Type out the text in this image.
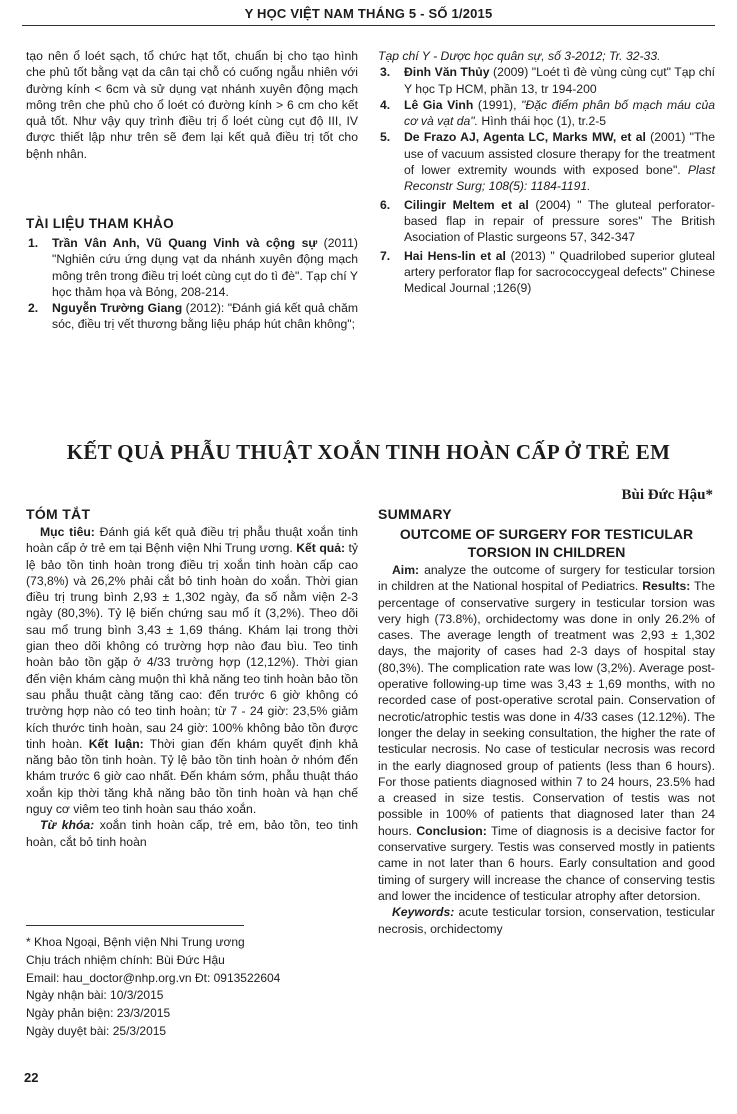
Y HỌC VIỆT NAM THÁNG 5 - SỐ 1/2015

tạo nên ổ loét sạch, tổ chức hạt tốt, chuẩn bị cho tạo hình che phủ tốt bằng vạt da cân tại chỗ có cuống ngẫu nhiên với đường kính < 6cm và sử dụng vạt nhánh xuyên động mạch mông trên che phủ cho ổ loét có đường kính > 6 cm cho kết quả tốt. Như vậy quy trình điều trị ổ loét cùng cụt độ III, IV được thiết lập như trên sẽ đem lại kết quả điều trị tốt cho bệnh nhân.

TÀI LIỆU THAM KHẢO
1. Trần Vân Anh, Vũ Quang Vinh và cộng sự (2011) "Nghiên cứu ứng dụng vạt da nhánh xuyên động mạch mông trên trong điều trị loét cùng cụt do tì đè". Tạp chí Y học thảm họa và Bỏng, 208-214.
2. Nguyễn Trường Giang (2012): "Đánh giá kết quả chăm sóc, điều trị vết thương bằng liệu pháp hút chân không";
Tạp chí Y - Dược học quân sự, số 3-2012; Tr. 32-33.
3. Đinh Văn Thủy (2009) "Loét tì đè vùng cùng cụt" Tạp chí Y học Tp HCM, phần 13, tr 194-200
4. Lê Gia Vinh (1991), "Đặc điểm phân bố mạch máu của cơ và vạt da". Hình thái học (1), tr.2-5
5. De Frazo AJ, Agenta LC, Marks MW, et al (2001) "The use of vacuum assisted closure therapy for the treatment of lower extremity wounds with exposed bone". Plast Reconstr Surg; 108(5): 1184-1191.
6. Cilingir Meltem et al (2004) " The gluteal perforator- based flap in repair of pressure sores" The British Asociation of Plastic surgeons 57, 342-347
7. Hai Hens-lin et al (2013) " Quadrilobed superior gluteal artery perforator flap for sacrococcygeal defects" Chinese Medical Journal ;126(9)
KẾT QUẢ PHẪU THUẬT XOẮN TINH HOÀN CẤP Ở TRẺ EM
Bùi Đức Hậu*
TÓM TẮT

Mục tiêu: Đánh giá kết quả điều trị phẫu thuật xoắn tinh hoàn cấp ở trẻ em tại Bệnh viện Nhi Trung ương. Kết quả: tỷ lệ bảo tồn tinh hoàn trong điều trị xoắn tinh hoàn cấp cao (73,8%) và 26,2% phải cắt bỏ tinh hoàn do xoắn. Thời gian điều trị trung bình 2,93 ± 1,302 ngày, đa số nằm viện 2-3 ngày (80,3%). Tỷ lệ biến chứng sau mổ ít (3,2%). Theo dõi sau mổ trung bình 3,43 ± 1,69 tháng. Khám lại trong thời gian theo dõi không có trường hợp nào đau bìu. Teo tinh hoàn bảo tồn gặp ở 4/33 trường hợp (12,12%). Thời gian đến viện khám càng muộn thì khả năng teo tinh hoàn bảo tồn sau phẫu thuật càng tăng cao: đến trước 6 giờ không có trường hợp nào có teo tinh hoàn; từ 7 - 24 giờ: 23,5% giảm kích thước tinh hoàn, sau 24 giờ: 100% không bảo tồn được tinh hoàn. Kết luận: Thời gian đến khám quyết định khả năng bảo tồn tinh hoàn. Tỷ lệ bảo tồn tinh hoàn ở nhóm đến khám trước 6 giờ cao nhất. Đến khám sớm, phẫu thuật tháo xoắn kịp thời tăng khả năng bảo tồn tinh hoàn và hạn chế nguy cơ viêm teo tinh hoàn sau tháo xoắn.

Từ khóa: xoắn tinh hoàn cấp, trẻ em, bảo tồn, teo tinh hoàn, cắt bỏ tinh hoàn

SUMMARY
OUTCOME OF SURGERY FOR TESTICULAR TORSION IN CHILDREN

Aim: analyze the outcome of surgery for testicular torsion in children at the National hospital of Pediatrics. Results: The percentage of conservative surgery in testicular torsion was very high (73.8%), orchidectomy was done in only 26.2% of cases. The average length of treatment was 2,93 ± 1,302 days, the majority of cases had 2-3 days of hospital stay (80,3%). The complication rate was low (3,2%). Average post-operative following-up time was 3,43 ± 1,69 months, with no recorded case of post-operative scrotal pain. Conservation of necrotic/atrophic testis was done in 4/33 cases (12.12%). The longer the delay in seeking consultation, the higher the rate of testicular necrosis. No case of testicular necrosis was record in the early diagnosed group of patients (less than 6 hours). For those patients diagnosed within 7 to 24 hours, 23.5% had a creased in size testis. Conservation of testis was not possible in 100% of patients that diagnosed later than 24 hours. Conclusion: Time of diagnosis is a decisive factor for conservative surgery. Testis was conserved mostly in patients came in not later than 6 hours. Early consultation and good timing of surgery will increase the chance of conserving testis and lower the incidence of testicular atrophy after detorsion.

Keywords: acute testicular torsion, conservation, testicular necrosis, orchidectomy

* Khoa Ngoại, Bệnh viện Nhi Trung ương
Chịu trách nhiệm chính: Bùi Đức Hậu
Email: hau_doctor@nhp.org.vn Đt: 0913522604
Ngày nhận bài: 10/3/2015
Ngày phản biện: 23/3/2015
Ngày duyệt bài: 25/3/2015
22
